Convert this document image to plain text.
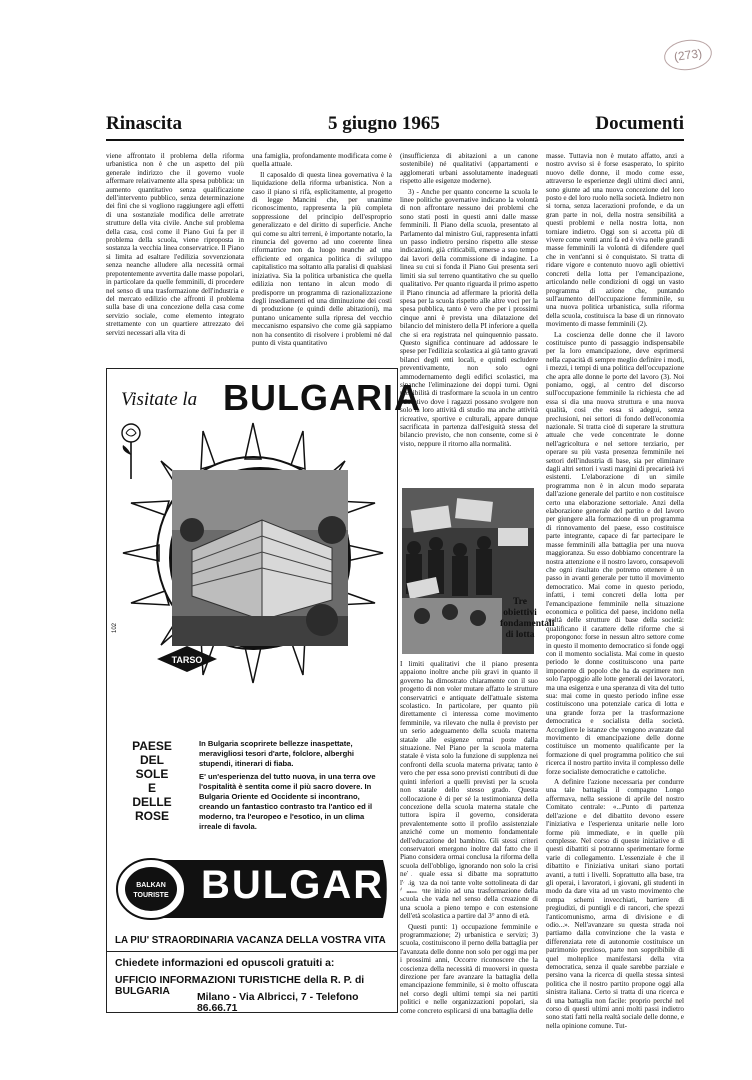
(273)
Rinascita	5 giugno 1965	Documenti

viene affrontato il problema della riforma urbanistica non è che un aspetto del più generale indirizzo che il governo vuole affermare relativamente alla spesa pubblica: un aumento quantitativo senza qualificazione dell'intervento pubblico, senza determinazione dei fini che si vogliono raggiungere agli effetti di una sostanziale modifica delle arretrate strutture della vita civile. Anche sul problema della casa, così come il Piano Gui fa per il problema della scuola, viene riproposta in sostanza la vecchia linea conservatrice. Il Piano si limita ad esaltare l'edilizia sovvenzionata senza neanche alludere alla necessità ormai prepotentemente avvertita dalle masse popolari, in particolare da quelle femminili, di procedere nel senso di una trasformazione dell'industria e del mercato edilizio che affronti il problema sulla base di una concezione della casa come servizio sociale, come elemento integrato strettamente con un quartiere attrezzato dei servizi necessari alla vita di

una famiglia, profondamente modificata come è quella attuale.

Il caposaldo di questa linea governativa è la liquidazione della riforma urbanistica. Non a caso il piano si rifà, esplicitamente, al progetto di legge Mancini che, per unanime riconoscimento, rappresenta la più completa soppressione del principio dell'esproprio generalizzato e del diritto di superficie. Anche qui come su altri terreni, è importante notarlo, la rinuncia del governo ad uno coerente linea riformatrice non da luogo neanche ad una efficiente ed organica politica di sviluppo capitalistico ma soltanto alla paralisi di qualsiasi iniziativa. Sia la politica urbanistica che quella edilizia non tentano in alcun modo di predisporre un programma di razionalizzazione degli insediamenti ed una diminuzione dei costi di produzione (e quindi delle abitazioni), ma puntano unicamente sulla ripresa del vecchio meccanismo espansivo che come già sappiamo non ha consentito di risolvere i problemi né dal punto di vista quantitativo

(insufficienza di abitazioni a un canone sostenibile) né qualitativi (appartamenti e agglomerati urbani assolutamente inadeguati rispetto alle esigenze moderne).

3) - Anche per quanto concerne la scuola le linee politiche governative indicano la volontà di non affrontare nessuno dei problemi che sono stati posti in questi anni dalle masse femminili. Il Piano della scuola, presentato al Parlamento dal ministro Gui, rappresenta infatti un passo indietro persino rispetto alle stesse indicazioni, già criticabili, emerse a suo tempo dai lavori della commissione di indagine. La linea su cui si fonda il Piano Gui presenta seri limiti sia sul terreno quantitativo che su quello qualitativo. Per quanto riguarda il primo aspetto il Piano rinuncia ad affermare la priorità della spesa per la scuola rispetto alle altre voci per la spesa pubblica, tanto è vero che per i prossimi cinque anni è prevista una dilatazione del bilancio del ministero della PI inferiore a quella che si era registrata nel quinquennio passato. Questo significa continuare ad addossare le spese per l'edilizia scolastica ai già tanto gravati bilanci degli enti locali, e quindi escludere preventivamente, non solo ogni ammodernamento degli edifici scolastici, ma sinanche l'eliminazione dei doppi turni. Ogni possibilità di trasformare la scuola in un centro educativo dove i ragazzi possano svolgere non solo la loro attività di studio ma anche attività ricreative, sportive e culturali, appare dunque sacrificata in partenza dall'esiguità stessa del bilancio previsto, che non consente, come si è visto, neppure il ritorno alla normalità.

Tre obiettivi
fondamentali
di lotta

I limiti qualitativi che il piano presenta appaiono inoltre anche più gravi in quanto il governo ha dimostrato chiaramente con il suo progetto di non voler mutare affatto le strutture conservatrici e antiquate dell'attuale sistema scolastico. In particolare, per quanto più direttamente ci interessa come movimento femminile, va rilevato che nulla è previsto per un serio adeguamento della scuola materna statale alle esigenze ormai poste dalla situazione. Nel Piano per la scuola materna statale è vista solo la funzione di supplenza nei confronti della scuola materna privata; tanto è vero che per essa sono previsti contributi di due quinti inferiori a quelli previsti per la scuola non statale dello stesso grado. Questa collocazione è di per sé la testimonianza della concezione della scuola materna statale che tuttora ispira il governo, considerata prevalentemente sotto il profilo assistenziale anziché come un momento fondamentale dell'educazione del bambino. Gli stessi criteri conservatori emergono inoltre dal fatto che il Piano considera ormai conclusa la riforma della scuola dell'obbligo, ignorando non solo la crisi nella quale essa si dibatte ma soprattutto l'esigenza da noi tante volte sottolineata di dar finalmente inizio ad una trasformazione della scuola che vada nel senso della creazione di una scuola a pieno tempo e con estensione dell'età scolastica a partire dal 3° anno di età.

Questi punti: 1) occupazione femminile e programmazione; 2) urbanistica e servizi; 3) scuola, costituiscono il perno della battaglia per l'avanzata delle donne non solo per oggi ma per i prossimi anni, Occorre riconoscere che la coscienza della necessità di muoversi in questa direzione per fare avanzare la battaglia della emancipazione femminile, si è molto offuscata nel corso degli ultimi tempi sia nei partiti politici e nelle organizzazioni popolari, sia come concreto esplicarsi di una battaglia delle

masse. Tuttavia non è mutato affatto, anzi a nostro avviso si è forse esasperato, lo spirito nuovo delle donne, il modo come esse, attraverso le esperienze degli ultimi dieci anni, sono giunte ad una nuova concezione del loro posto e del loro ruolo nella società. Indietro non si torna, senza lacerazioni profonde, e da un gran parte in noi, della nostra sensibilità a questi problemi e nella nostra lotta, non torniare indietro. Oggi son si accetta più di vivere come venti anni fa ed è viva nelle grandi masse femminili la volontà di difendere quel che in vent'anni si è conquistato. Si tratta di ridare vigore e contenuto nuovo agli obiettivi concreti della lotta per l'emancipazione, articolando nelle condizioni di oggi un vasto programma di azione che, puntando sull'aumento dell'occupazione femminile, su una nuova politica urbanistica, sulla riforma della scuola, costituisca la base di un rinnovato movimento di masse femminili (2).

La coscienza delle donne che il lavoro costituisce punto di passaggio indispensabile per la loro emancipazione, deve esprimersi nella capacità di sempre meglio definire i modi, i mezzi, i tempi di una politica dell'occupazione che apra alle donne le porte del lavoro (3). Noi poniamo, oggi, al centro del discorso sull'occupazione femminile la richiesta che ad essa si dia una nuova struttura e una nuova qualità, così che essa si adegui, senza preclusioni, nei settori di fondo dell'economia nazionale. Si tratta cioè di superare la struttura attuale che vede concentrate le donne nell'agricoltura e nel settore terziario, per operare su più vasta presenza femminile nei settori dell'industria di base, sia per eliminare dagli altri settori i vasti margini di precarietà ivi esistenti. L'elaborazione di un simile programma non è in alcun modo separata dall'azione generale del partito e non costituisce certo una elaborazione settoriale. Anzi della elaborazione generale del partito e del lavoro per giungere alla formazione di un programma di rinnovamento del paese, esso costituisce parte integrante, capace di far partecipare le masse femminili alla battaglia per una nuova maggioranza. Su esso dobbiamo concentrare la nostra attenzione e il nostro lavoro, consapevoli che ogni risultato che potremo ottenere è un passo in avanti generale per tutto il movimento democratico. Mai come in questo periodo, infatti, i temi concreti della lotta per l'emancipazione femminile nella situazione economica e politica del paese, incidono nella realtà delle strutture di base della società: qualificano il carattere delle riforme che si propongono: forse in nessun altro settore come in questo il momento democratico si fonde oggi con il momento socialista. Mai come in questo periodo le donne costituiscono una parte imponente di popolo che ha da esprimere non solo l'appoggio alle lotte generali dei lavoratori, ma una esigenza e una speranza di vita del tutto sua: mai come in questo periodo infine esse costituiscono una potenziale carica di lotta e una grande forza per la trasformazione democratica e socialista della società. Accogliere le istanze che vengono avanzate dal movimento di emancipazione delle donne costituisce un momento qualificante per la formazione di quel programma politico che sui ricerca il nostro partito invita il complesso delle forze socialiste democratiche e cattoliche.

A definire l'azione necessaria per condurre una tale battaglia il compagno Longo affermava, nella sessione di aprile del nostro Comitato centrale: «...Punto di partenza dell'azione e del dibattito devono essere l'iniziativa e l'esperienza unitarie nelle loro forme più immediate, e in quelle più complesse. Nel corso di queste iniziative e di questi dibattiti si potranno sperimentare forme varie di collegamento. L'essenziale è che il dibattito e l'iniziativa unitari siano portati avanti, a tutti i livelli. Soprattutto alla base, tra gli operai, i lavoratori, i giovani, gli studenti in modo da dare vita ad un vasto movimento che rompa schemi invecchiati, barriere di pregiudizi, di puntigli e di rancori, che spezzi l'anticomunismo, arma di divisione e di odio...». Nell'avanzare su questa strada noi partiamo dalla convinzione che la vasta e differenziata rete di autonomie costituisce un patrimonio prezioso, parte non soppribibile di quel molteplice manifestarsi della vita democratica, senza il quale sarebbe parziale e persino vana la ricerca di quella stessa sintesi politica che il nostro partito propone oggi alla sinistra italiana. Certo si tratta di una ricerca e di una battaglia non facile: proprio perché nel corso di questi ultimi anni molti passi indietro sono stati fatti nella realtà sociale delle donne, e nella opinione comune. Tut-

Visitate la BULGARIA
TARSO
102
PAESE
DEL
SOLE
E
DELLE
ROSE

In Bulgaria scoprirete bellezze inaspettate, meravigliosi tesori d'arte, folclore, alberghi stupendi, itinerari di fiaba.

E' un'esperienza del tutto nuova, in una terra ove l'ospitalità è sentita come il più sacro dovere. In Bulgaria Oriente ed Occidente si incontrano, creando un fantastico contrasto tra l'antico ed il moderno, tra l'europeo e l'esotico, in un clima irreale di favola.

BALKAN
TOURISTE BULGARIA
LA PIU' STRAORDINARIA VACANZA DELLA VOSTRA VITA
Chiedete informazioni ed opuscoli gratuiti a:
UFFICIO INFORMAZIONI TURISTICHE della R. P. di BULGARIA
Milano - Via Albricci, 7 - Telefono 86.66.71
